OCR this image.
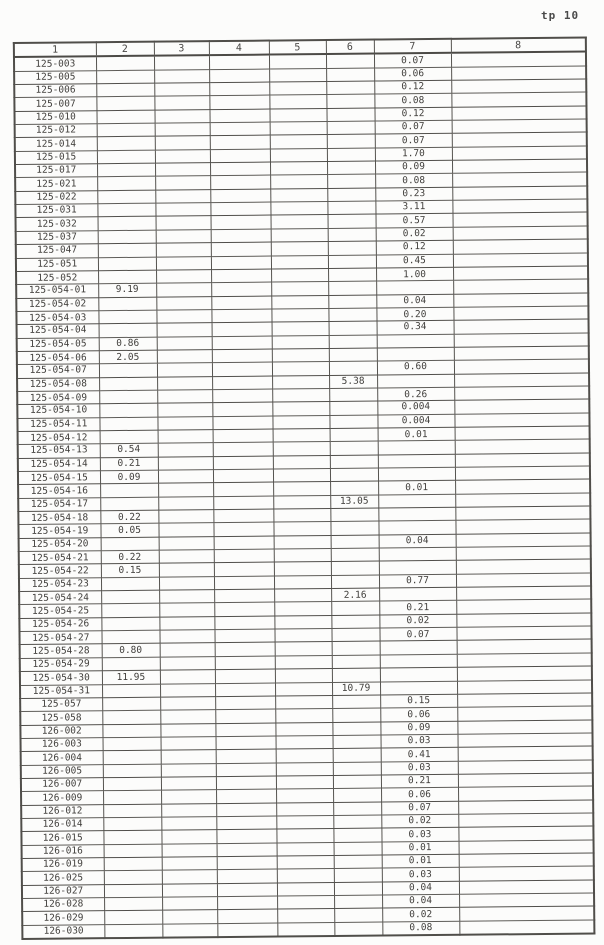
tp 10
1	2	3	4	5	6	7	8
125-003						0.07	
125-005						0.06	
125-006						0.12	
125-007						0.08	
125-010						0.12	
125-012						0.07	
125-014						0.07	
125-015						1.70	
125-017						0.09	
125-021						0.08	
125-022						0.23	
125-031						3.11	
125-032						0.57	
125-037						0.02	
125-047						0.12	
125-051						0.45	
125-052						1.00	
125-054-01	9.19						
125-054-02						0.04	
125-054-03						0.20	
125-054-04						0.34	
125-054-05	0.86						
125-054-06	2.05						
125-054-07						0.60	
125-054-08					5.38		
125-054-09						0.26	
125-054-10						0.004	
125-054-11						0.004	
125-054-12						0.01	
125-054-13	0.54						
125-054-14	0.21						
125-054-15	0.09						
125-054-16						0.01	
125-054-17					13.05		
125-054-18	0.22						
125-054-19	0.05						
125-054-20						0.04	
125-054-21	0.22						
125-054-22	0.15						
125-054-23						0.77	
125-054-24					2.16		
125-054-25						0.21	
125-054-26						0.02	
125-054-27						0.07	
125-054-28	0.80						
125-054-29							
125-054-30	11.95						
125-054-31					10.79		
125-057						0.15	
125-058						0.06	
126-002						0.09	
126-003						0.03	
126-004						0.41	
126-005						0.03	
126-007						0.21	
126-009						0.06	
126-012						0.07	
126-014						0.02	
126-015						0.03	
126-016						0.01	
126-019						0.01	
126-025						0.03	
126-027						0.04	
126-028						0.04	
126-029						0.02	
126-030						0.08	
